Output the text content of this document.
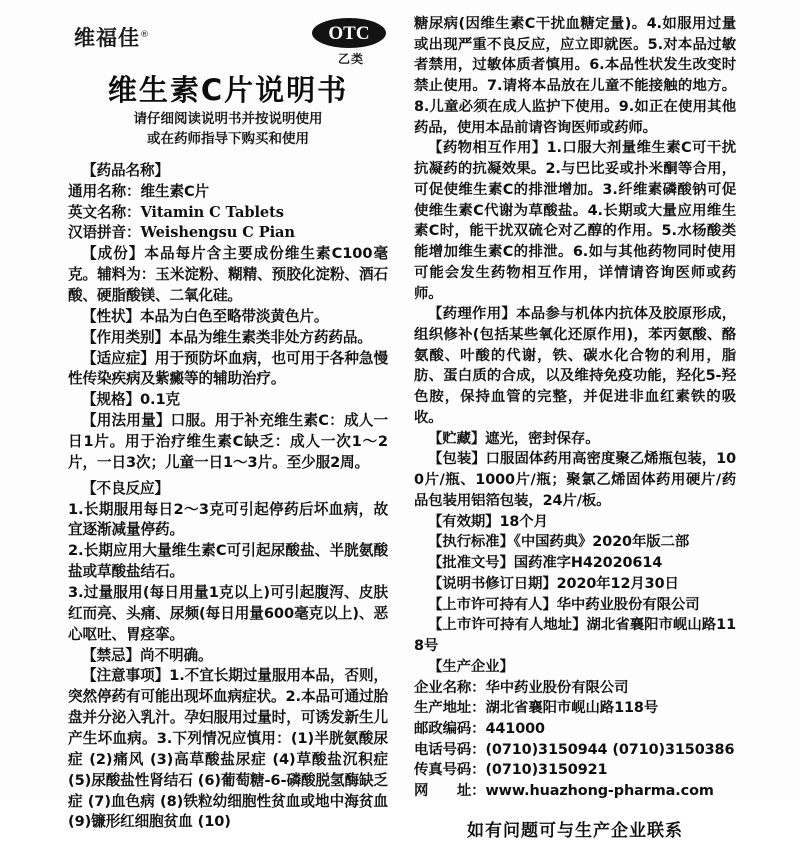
维福佳®	OTC
乙类
维生素C片说明书
请仔细阅读说明书并按说明使用
或在药师指导下购买和使用

【药品名称】

通用名称：维生素C片

英文名称：Vitamin C Tablets

汉语拼音：Weishengsu C Pian

【成份】本品每片含主要成份维生素C100毫克。辅料为：玉米淀粉、糊精、预胶化淀粉、酒石酸、硬脂酸镁、二氧化硅。

【性状】本品为白色至略带淡黄色片。

【作用类别】本品为维生素类非处方药药品。

【适应症】用于预防坏血病，也可用于各种急慢性传染疾病及紫癜等的辅助治疗。

【规格】0.1克

【用法用量】口服。用于补充维生素C：成人一日1片。用于治疗维生素C缺乏：成人一次1～2片，一日3次；儿童一日1～3片。至少服2周。

【不良反应】

1.长期服用每日2～3克可引起停药后坏血病，故宜逐渐减量停药。

2.长期应用大量维生素C可引起尿酸盐、半胱氨酸盐或草酸盐结石。

3.过量服用(每日用量1克以上)可引起腹泻、皮肤红而亮、头痛、尿频(每日用量600毫克以上)、恶心呕吐、胃痉挛。

【禁忌】尚不明确。

【注意事项】1.不宜长期过量服用本品，否则，突然停药有可能出现坏血病症状。2.本品可通过胎盘并分泌入乳汁。孕妇服用过量时，可诱发新生儿产生坏血病。3.下列情况应慎用：(1)半胱氨酸尿症 (2)痛风 (3)高草酸盐尿症 (4)草酸盐沉积症 (5)尿酸盐性肾结石 (6)葡萄糖-6-磷酸脱氢酶缺乏症 (7)血色病 (8)铁粒幼细胞性贫血或地中海贫血(9)镰形红细胞贫血 (10)

糖尿病(因维生素C干扰血糖定量)。4.如服用过量或出现严重不良反应，应立即就医。5.对本品过敏者禁用，过敏体质者慎用。6.本品性状发生改变时禁止使用。7.请将本品放在儿童不能接触的地方。8.儿童必须在成人监护下使用。9.如正在使用其他药品，使用本品前请咨询医师或药师。

【药物相互作用】1.口服大剂量维生素C可干扰抗凝药的抗凝效果。2.与巴比妥或扑米酮等合用，可促使维生素C的排泄增加。3.纤维素磷酸钠可促使维生素C代谢为草酸盐。4.长期或大量应用维生素C时，能干扰双硫仑对乙醇的作用。5.水杨酸类能增加维生素C的排泄。6.如与其他药物同时使用可能会发生药物相互作用，详情请咨询医师或药师。

【药理作用】本品参与机体内抗体及胶原形成，组织修补(包括某些氧化还原作用)，苯丙氨酸、酪氨酸、叶酸的代谢，铁、碳水化合物的利用，脂肪、蛋白质的合成，以及维持免疫功能，羟化5-羟色胺，保持血管的完整，并促进非血红素铁的吸收。

【贮藏】遮光，密封保存。

【包装】口服固体药用高密度聚乙烯瓶包装，100片/瓶、1000片/瓶；聚氯乙烯固体药用硬片/药品包装用铝箔包装，24片/板。

【有效期】18个月

【执行标准】《中国药典》2020年版二部

【批准文号】国药准字H42020614

【说明书修订日期】2020年12月30日

【上市许可持有人】华中药业股份有限公司

【上市许可持有人地址】湖北省襄阳市岘山路118号

【生产企业】

企业名称：华中药业股份有限公司

生产地址：湖北省襄阳市岘山路118号

邮政编码：441000

电话号码：(0710)3150944 (0710)3150386

传真号码：(0710)3150921

网　　址：www.huazhong-pharma.com

如有问题可与生产企业联系
